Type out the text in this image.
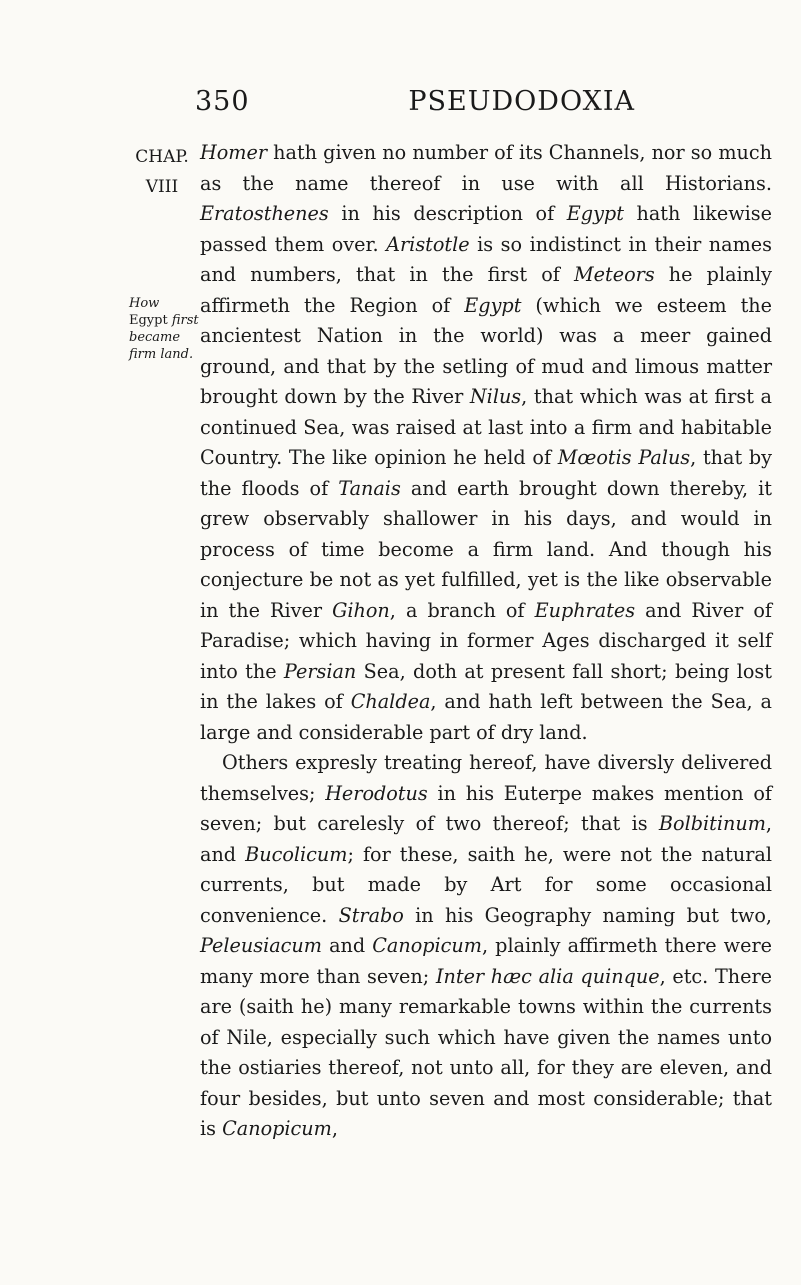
350	PSEUDODOXIA
CHAP.
VIII
How Egypt first became firm land.

Homer hath given no number of its Channels, nor so much as the name thereof in use with all Historians. Eratosthenes in his description of Egypt hath likewise passed them over. Aristotle is so indistinct in their names and numbers, that in the first of Meteors he plainly affirmeth the Region of Egypt (which we esteem the ancientest Nation in the world) was a meer gained ground, and that by the setling of mud and limous matter brought down by the River Nilus, that which was at first a continued Sea, was raised at last into a firm and habitable Country. The like opinion he held of Mœotis Palus, that by the floods of Tanais and earth brought down thereby, it grew observably shallower in his days, and would in process of time become a firm land. And though his conjecture be not as yet fulfilled, yet is the like observable in the River Gihon, a branch of Euphrates and River of Paradise; which having in former Ages discharged it self into the Persian Sea, doth at present fall short; being lost in the lakes of Chaldea, and hath left between the Sea, a large and considerable part of dry land.

Others expresly treating hereof, have diversly delivered themselves; Herodotus in his Euterpe makes mention of seven; but carelesly of two thereof; that is Bolbitinum, and Bucolicum; for these, saith he, were not the natural currents, but made by Art for some occasional convenience. Strabo in his Geography naming but two, Peleusiacum and Canopicum, plainly affirmeth there were many more than seven; Inter hæc alia quinque, etc. There are (saith he) many remarkable towns within the currents of Nile, especially such which have given the names unto the ostiaries thereof, not unto all, for they are eleven, and four besides, but unto seven and most considerable; that is Canopicum,
